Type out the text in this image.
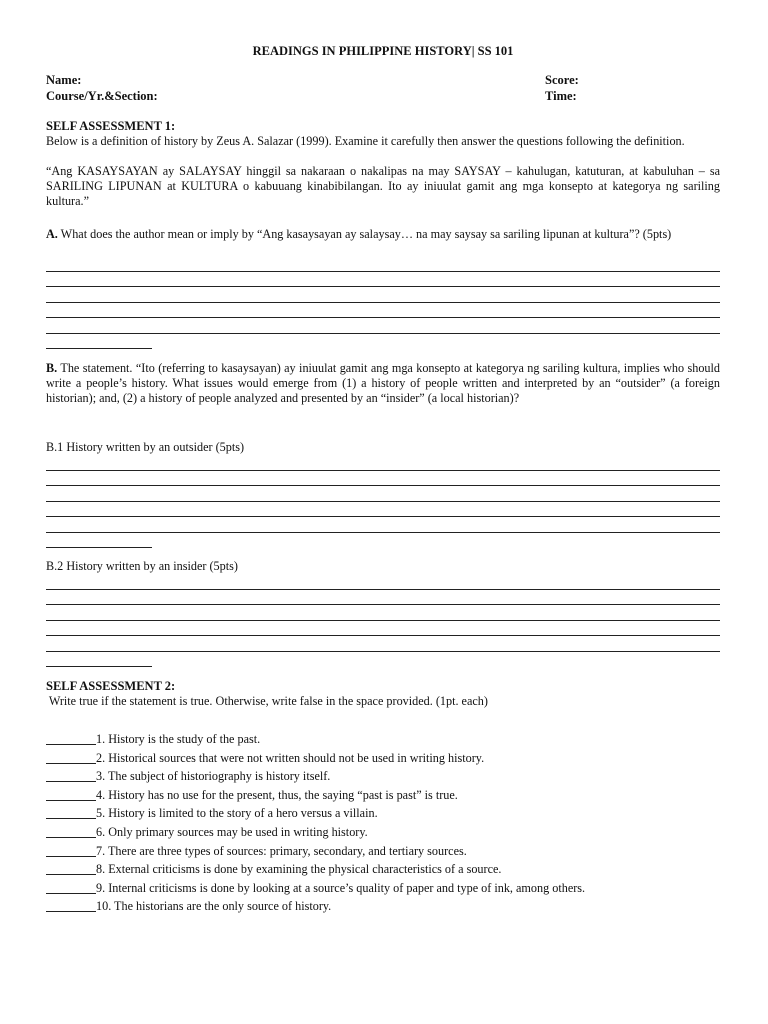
READINGS IN PHILIPPINE HISTORY| SS 101
Name:
Course/Yr.&Section:
Score:
Time:
SELF ASSESSMENT 1:
Below is a definition of history by Zeus A. Salazar (1999). Examine it carefully then answer the questions following the definition.
“Ang KASAYSAYAN ay SALAYSAY hinggil sa nakaraan o nakalipas na may SAYSAY – kahulugan, katuturan, at kabuluhan – sa SARILING LIPUNAN at KULTURA o kabuuang kinabibilangan. Ito ay iniuulat gamit ang mga konsepto at kategorya ng sariling kultura.”
A. What does the author mean or imply by “Ang kasaysayan ay salaysay… na may saysay sa sariling lipunan at kultura”? (5pts)
B. The statement. “Ito (referring to kasaysayan) ay iniuulat gamit ang mga konsepto at kategorya ng sariling kultura, implies who should write a people’s history. What issues would emerge from (1) a history of people written and interpreted by an “outsider” (a foreign historian); and, (2) a history of people analyzed and presented by an “insider” (a local historian)?
B.1 History written by an outsider (5pts)
B.2 History written by an insider (5pts)
SELF ASSESSMENT 2:
Write true if the statement is true. Otherwise, write false in the space provided. (1pt. each)
1. History is the study of the past.
2. Historical sources that were not written should not be used in writing history.
3. The subject of historiography is history itself.
4. History has no use for the present, thus, the saying “past is past” is true.
5. History is limited to the story of a hero versus a villain.
6. Only primary sources may be used in writing history.
7. There are three types of sources: primary, secondary, and tertiary sources.
8. External criticisms is done by examining the physical characteristics of a source.
9. Internal criticisms is done by looking at a source’s quality of paper and type of ink, among others.
10. The historians are the only source of history.
